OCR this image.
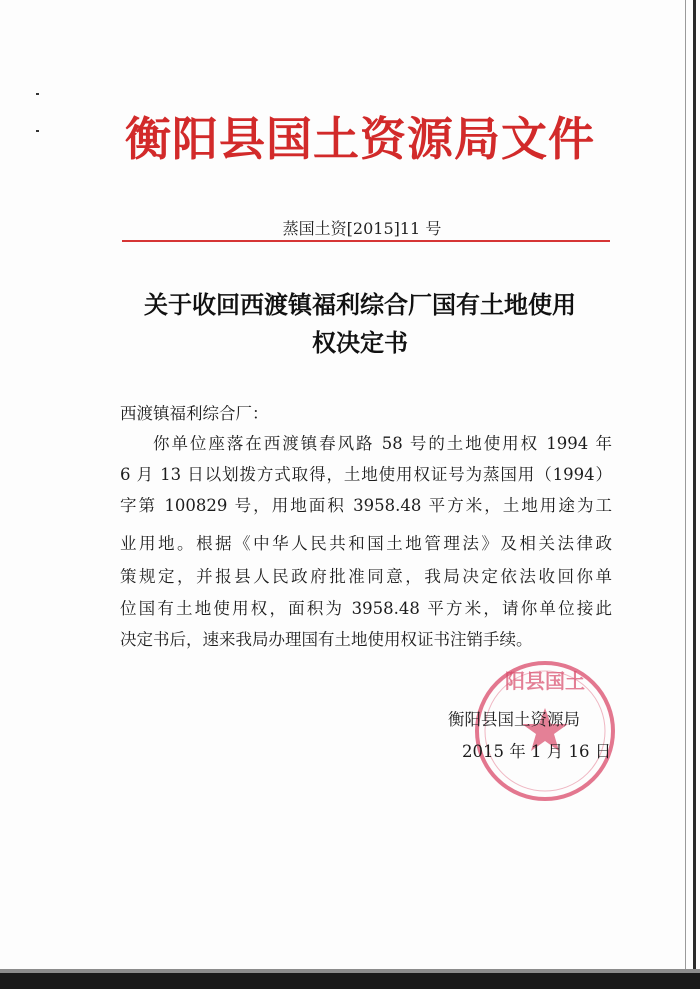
衡阳县国土资源局文件
蒸国土资[2015]11 号
关于收回西渡镇福利综合厂国有土地使用
权决定书
西渡镇福利综合厂：
你单位座落在西渡镇春风路 58 号的土地使用权 1994 年
6 月 13 日以划拨方式取得，土地使用权证号为蒸国用（1994）
字第 100829 号，用地面积 3958.48 平方米，土地用途为工
业用地。根据《中华人民共和国土地管理法》及相关法律政
策规定，并报县人民政府批准同意，我局决定依法收回你单
位国有土地使用权，面积为 3958.48 平方米，请你单位接此
决定书后，速来我局办理国有土地使用权证书注销手续。
阳县国土
衡阳县国土资源局
2015 年 1 月 16 日
